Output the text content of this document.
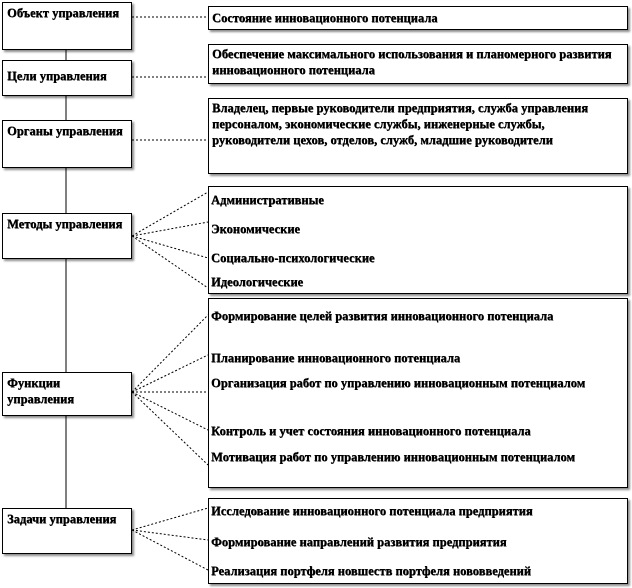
Объект управления
Цели управления
Органы управления
Методы управления
Функции управления
Задачи управления
Состояние инновационного потенциала
Обеспечение максимального использования и планомерного развития инновационного потенциала
Владелец, первые руководители предприятия, служба управления персоналом, экономические службы, инженерные службы, руководители цехов, отделов, служб, младшие руководители
Административные
Экономические
Социально-психологические
Идеологические
Формирование целей развития инновационного потенциала
Планирование инновационного потенциала
Организация работ по управлению инновационным потенциалом
Контроль и учет состояния инновационного потенциала
Мотивация работ по управлению инновационным потенциалом
Исследование инновационного потенциала предприятия
Формирование направлений развития предприятия
Реализация портфеля новшеств портфеля нововведений
